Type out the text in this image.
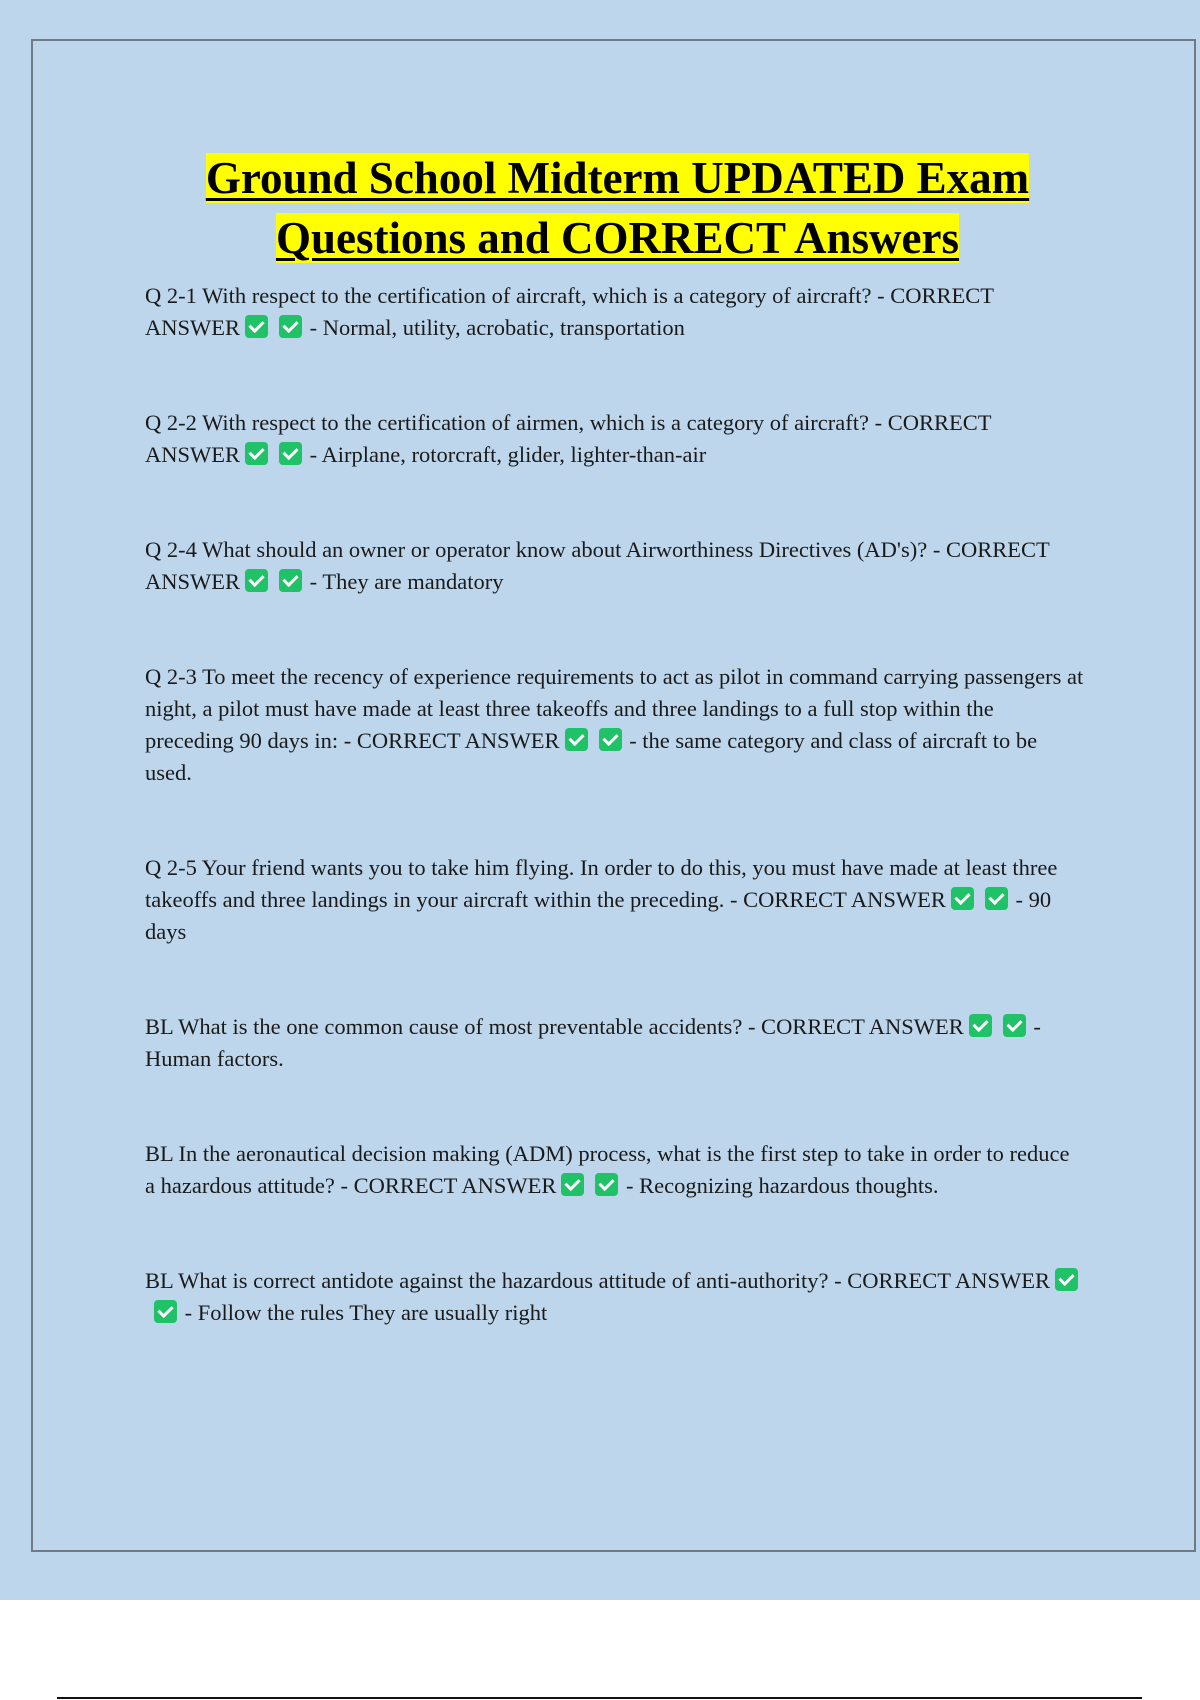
Ground School Midterm UPDATED Exam
Questions and CORRECT Answers

Q 2-1 With respect to the certification of aircraft, which is a category of aircraft? - CORRECT ANSWER	- Normal, utility, acrobatic, transportation

Q 2-2 With respect to the certification of airmen, which is a category of aircraft? - CORRECT ANSWER	- Airplane, rotorcraft, glider, lighter-than-air

Q 2-4 What should an owner or operator know about Airworthiness Directives (AD's)? - CORRECT ANSWER	- They are mandatory

Q 2-3 To meet the recency of experience requirements to act as pilot in command carrying passengers at night, a pilot must have made at least three takeoffs and three landings to a full stop within the preceding 90 days in: - CORRECT ANSWER	- the same category and class of aircraft to be used.

Q 2-5 Your friend wants you to take him flying. In order to do this, you must have made at least three takeoffs and three landings in your aircraft within the preceding. - CORRECT ANSWER	- 90 days

BL What is the one common cause of most preventable accidents? - CORRECT ANSWER	- Human factors.

BL In the aeronautical decision making (ADM) process, what is the first step to take in order to reduce a hazardous attitude? - CORRECT ANSWER	- Recognizing hazardous thoughts.

BL What is correct antidote against the hazardous attitude of anti-authority? - CORRECT ANSWER - Follow the rules They are usually right
